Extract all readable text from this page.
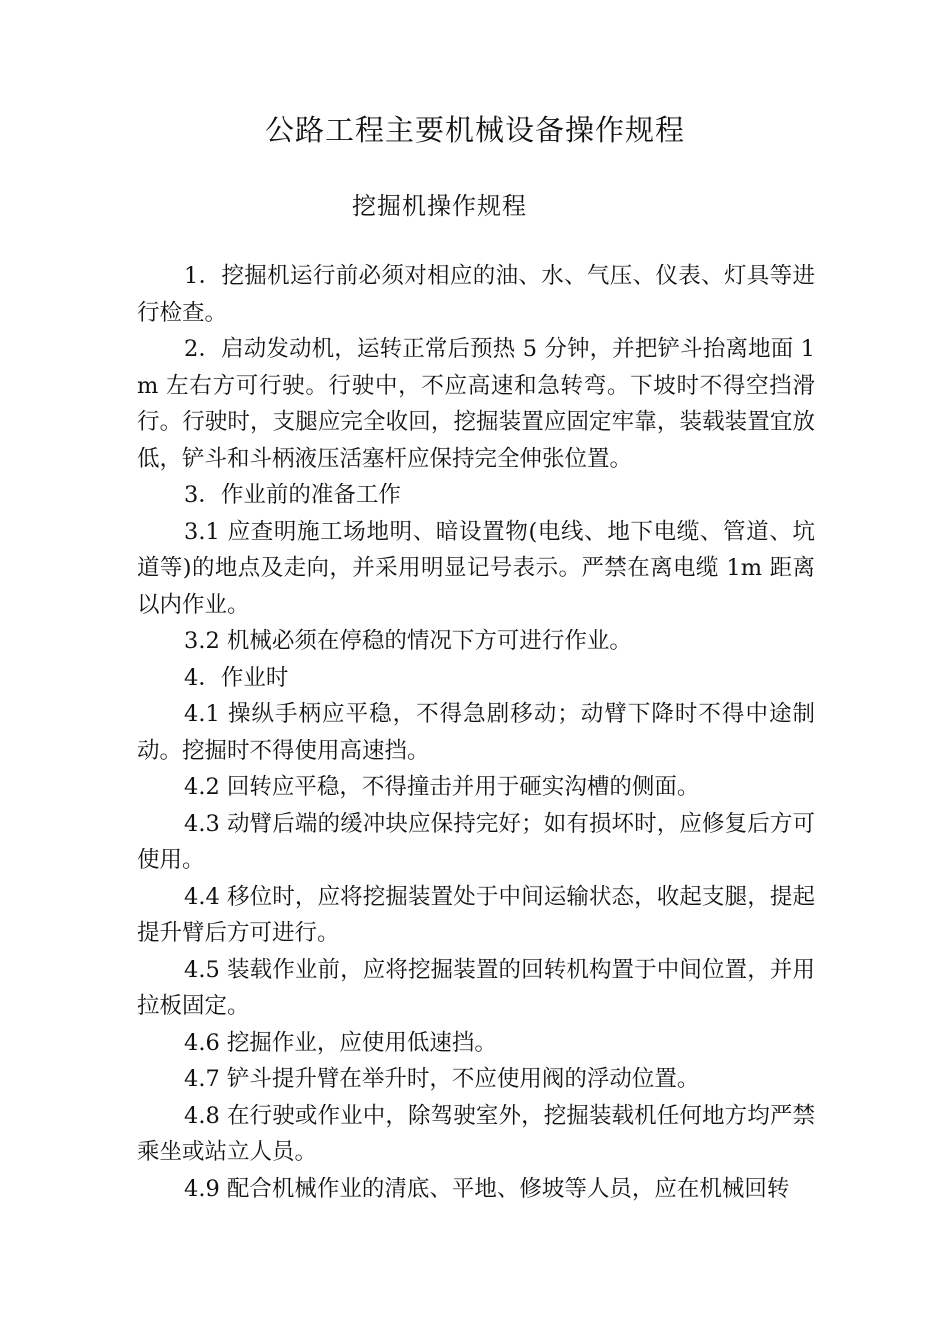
公路工程主要机械设备操作规程
挖掘机操作规程

1．挖掘机运行前必须对相应的油、水、气压、仪表、灯具等进行检查。

2．启动发动机，运转正常后预热 5 分钟，并把铲斗抬离地面 1m 左右方可行驶。行驶中，不应高速和急转弯。下坡时不得空挡滑行。行驶时，支腿应完全收回，挖掘装置应固定牢靠，装载装置宜放低，铲斗和斗柄液压活塞杆应保持完全伸张位置。

3．作业前的准备工作

3.1 应查明施工场地明、暗设置物(电线、地下电缆、管道、坑道等)的地点及走向，并采用明显记号表示。严禁在离电缆 1m 距离以内作业。

3.2 机械必须在停稳的情况下方可进行作业。

4．作业时

4.1 操纵手柄应平稳，不得急剧移动；动臂下降时不得中途制动。挖掘时不得使用高速挡。

4.2 回转应平稳，不得撞击并用于砸实沟槽的侧面。

4.3 动臂后端的缓冲块应保持完好；如有损坏时，应修复后方可使用。

4.4 移位时，应将挖掘装置处于中间运输状态，收起支腿，提起提升臂后方可进行。

4.5 装载作业前，应将挖掘装置的回转机构置于中间位置，并用拉板固定。

4.6 挖掘作业，应使用低速挡。

4.7 铲斗提升臂在举升时，不应使用阀的浮动位置。

4.8 在行驶或作业中，除驾驶室外，挖掘装载机任何地方均严禁乘坐或站立人员。

4.9 配合机械作业的清底、平地、修坡等人员，应在机械回转
